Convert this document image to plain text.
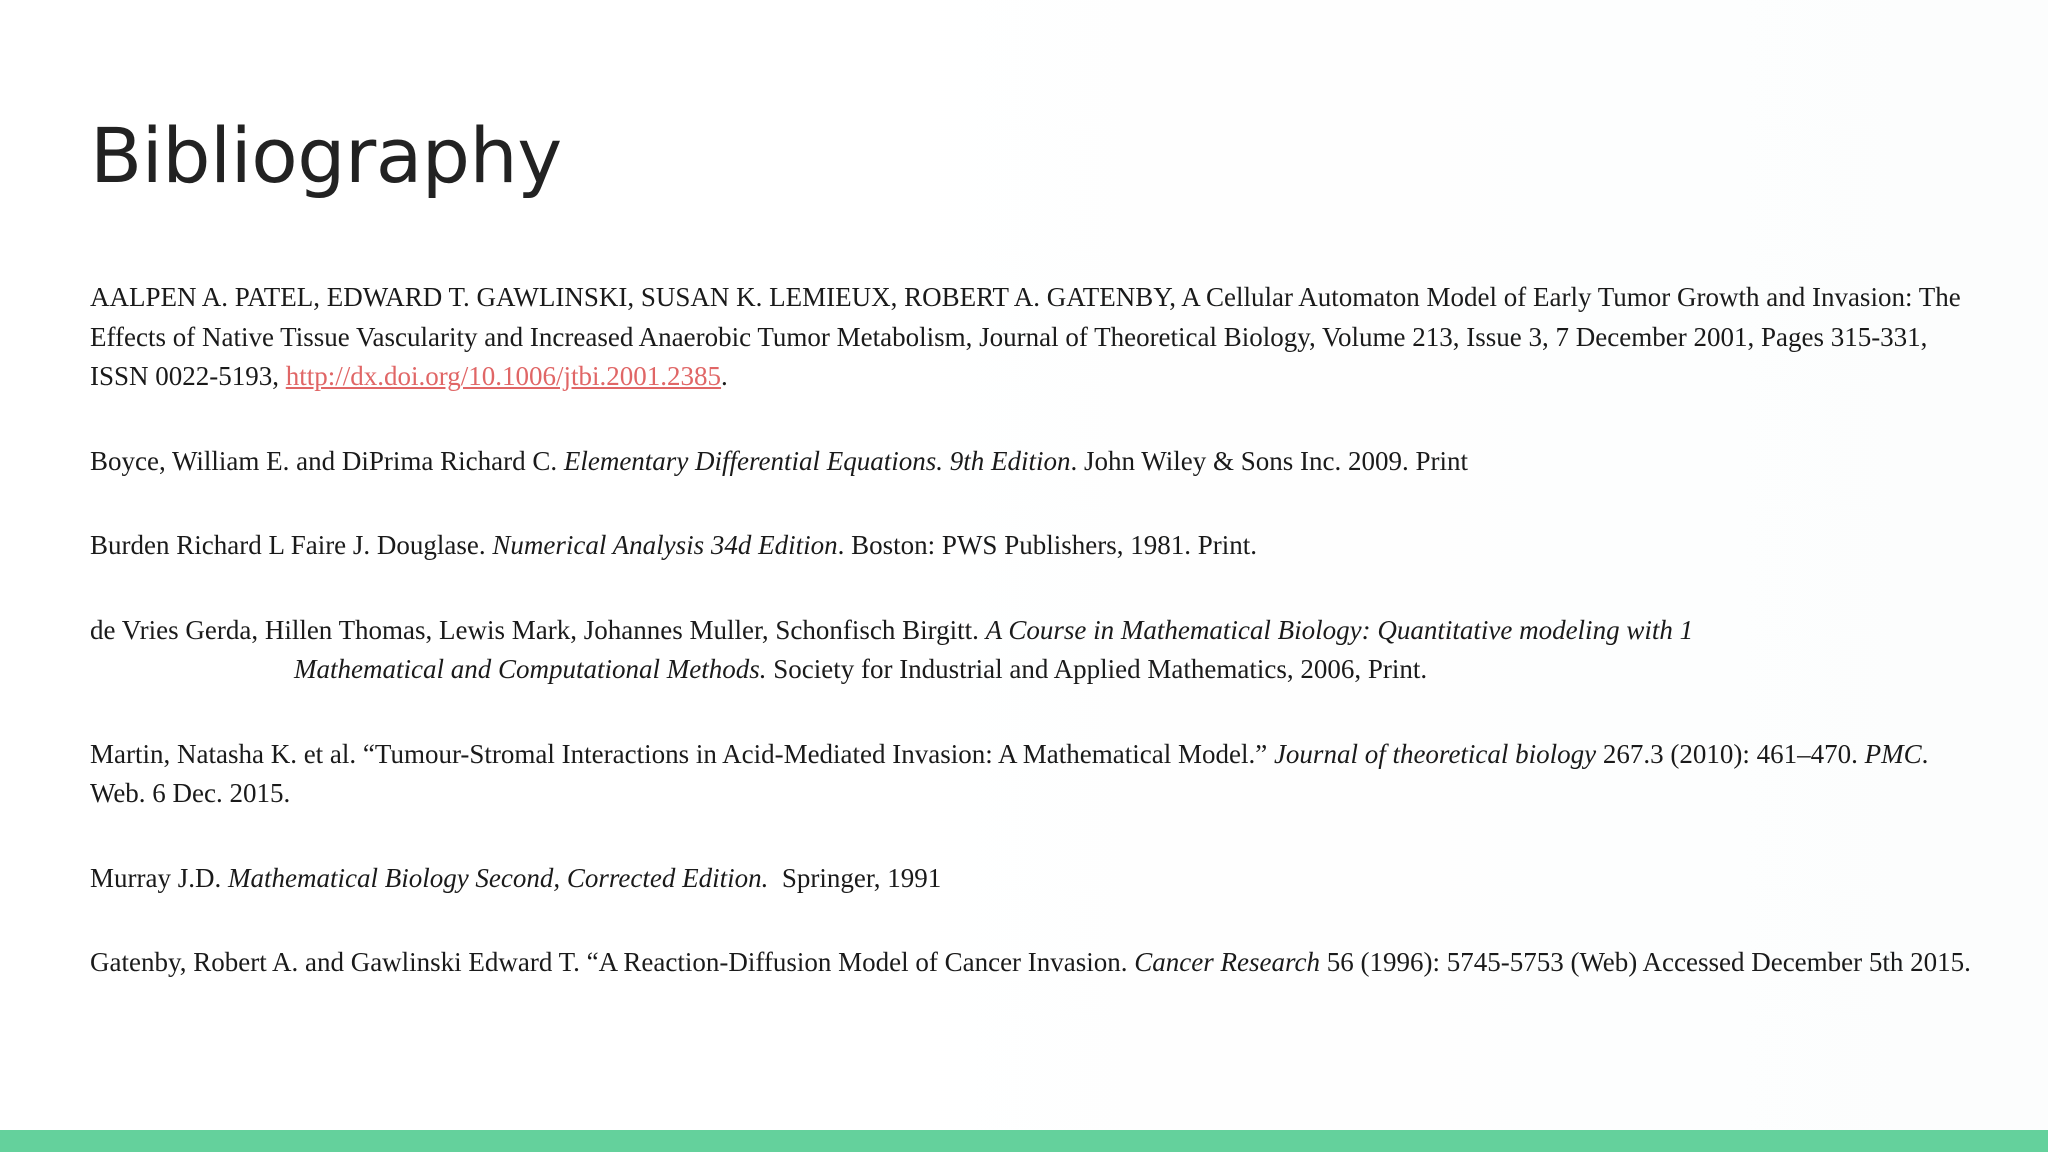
Bibliography

AALPEN A. PATEL, EDWARD T. GAWLINSKI, SUSAN K. LEMIEUX, ROBERT A. GATENBY, A Cellular Automaton Model of Early Tumor Growth and Invasion: The Effects of Native Tissue Vascularity and Increased Anaerobic Tumor Metabolism, Journal of Theoretical Biology, Volume 213, Issue 3, 7 December 2001, Pages 315-331, ISSN 0022-5193, http://dx.doi.org/10.1006/jtbi.2001.2385.

Boyce, William E. and DiPrima Richard C. Elementary Differential Equations. 9th Edition. John Wiley & Sons Inc. 2009. Print

Burden Richard L Faire J. Douglase. Numerical Analysis 34d Edition. Boston: PWS Publishers, 1981. Print.

de Vries Gerda, Hillen Thomas, Lewis Mark, Johannes Muller, Schonfisch Birgitt. A Course in Mathematical Biology: Quantitative modeling with 1
Mathematical and Computational Methods. Society for Industrial and Applied Mathematics, 2006, Print.

Martin, Natasha K. et al. “Tumour-Stromal Interactions in Acid-Mediated Invasion: A Mathematical Model.” Journal of theoretical biology 267.3 (2010): 461–470. PMC. Web. 6 Dec. 2015.

Murray J.D. Mathematical Biology Second, Corrected Edition.  Springer, 1991

Gatenby, Robert A. and Gawlinski Edward T. “A Reaction-Diffusion Model of Cancer Invasion. Cancer Research 56 (1996): 5745-5753 (Web) Accessed December 5th 2015.
